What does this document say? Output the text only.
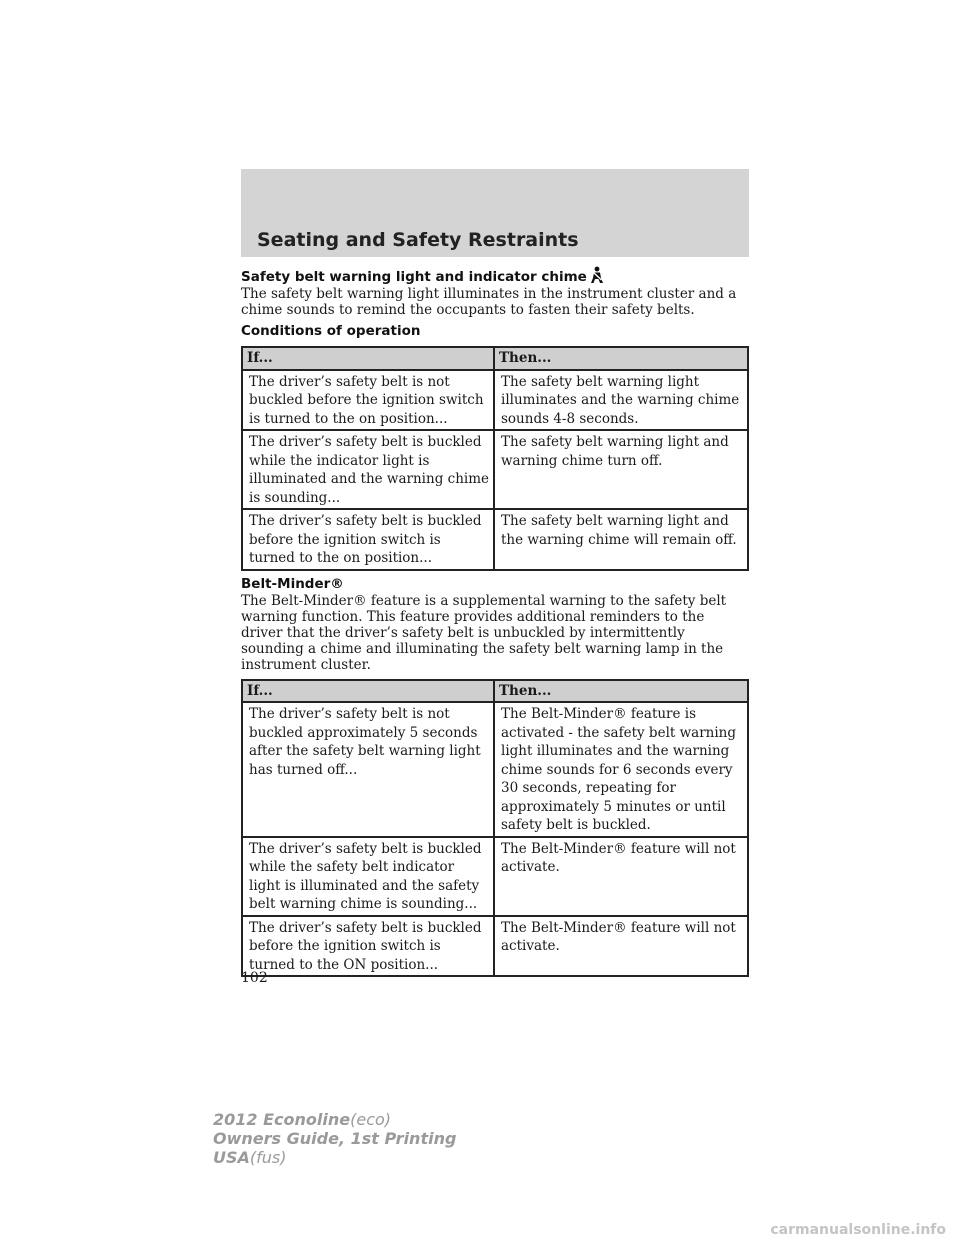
Seating and Safety Restraints
Safety belt warning light and indicator chime

The safety belt warning light illuminates in the instrument cluster and a chime sounds to remind the occupants to fasten their safety belts.

Conditions of operation
If...	Then...
The driver’s safety belt is not buckled before the ignition switch is turned to the on position...	The safety belt warning light illuminates and the warning chime sounds 4-8 seconds.
The driver’s safety belt is buckled while the indicator light is illuminated and the warning chime is sounding...	The safety belt warning light and warning chime turn off.
The driver’s safety belt is buckled before the ignition switch is turned to the on position...	The safety belt warning light and the warning chime will remain off.
Belt-Minder®

The Belt-Minder® feature is a supplemental warning to the safety belt warning function. This feature provides additional reminders to the driver that the driver’s safety belt is unbuckled by intermittently sounding a chime and illuminating the safety belt warning lamp in the instrument cluster.

If...	Then...
The driver’s safety belt is not buckled approximately 5 seconds after the safety belt warning light has turned off...	The Belt-Minder® feature is activated - the safety belt warning light illuminates and the warning chime sounds for 6 seconds every 30 seconds, repeating for approximately 5 minutes or until safety belt is buckled.
The driver’s safety belt is buckled while the safety belt indicator light is illuminated and the safety belt warning chime is sounding...	The Belt-Minder® feature will not activate.
The driver’s safety belt is buckled before the ignition switch is turned to the ON position...	The Belt-Minder® feature will not activate.
102
2012 Econoline(eco)
Owners Guide, 1st Printing
USA(fus)
carmanualsonline.info
